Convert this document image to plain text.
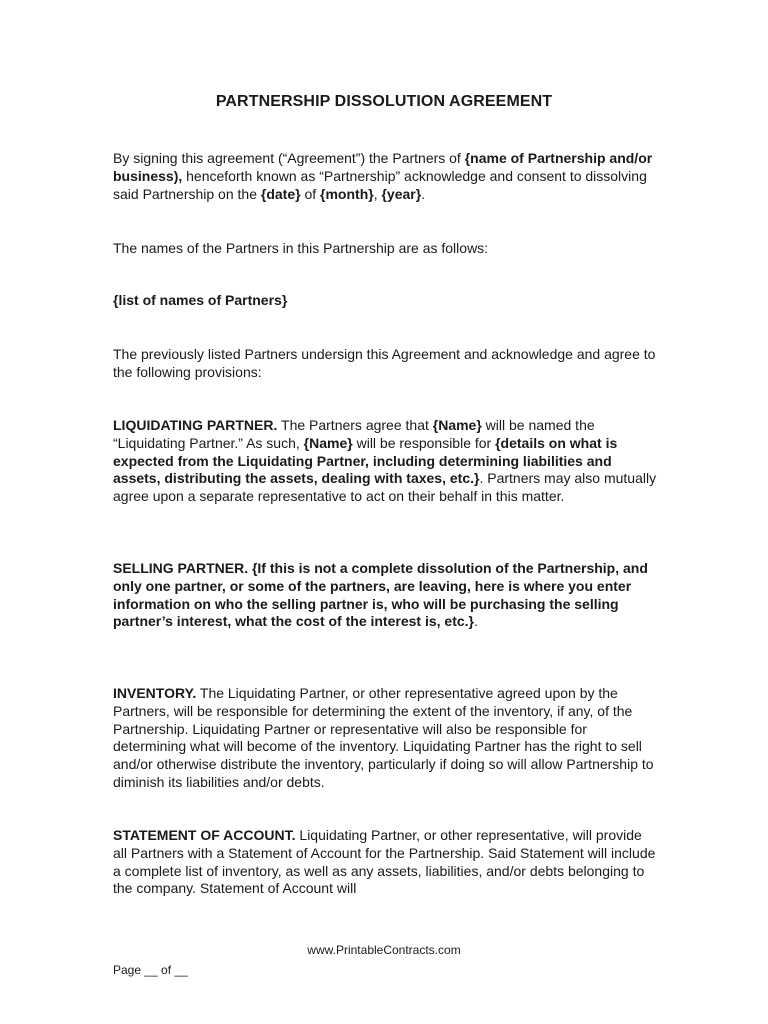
PARTNERSHIP DISSOLUTION AGREEMENT

By signing this agreement (“Agreement”) the Partners of {name of Partnership and/or business), henceforth known as “Partnership” acknowledge and consent to dissolving said Partnership on the {date} of {month}, {year}.

The names of the Partners in this Partnership are as follows:

{list of names of Partners}

The previously listed Partners undersign this Agreement and acknowledge and agree to the following provisions:

LIQUIDATING PARTNER. The Partners agree that {Name} will be named the “Liquidating Partner.” As such, {Name} will be responsible for {details on what is expected from the Liquidating Partner, including determining liabilities and assets, distributing the assets, dealing with taxes, etc.}. Partners may also mutually agree upon a separate representative to act on their behalf in this matter.

SELLING PARTNER. {If this is not a complete dissolution of the Partnership, and only one partner, or some of the partners, are leaving, here is where you enter information on who the selling partner is, who will be purchasing the selling partner’s interest, what the cost of the interest is, etc.}.

INVENTORY. The Liquidating Partner, or other representative agreed upon by the Partners, will be responsible for determining the extent of the inventory, if any, of the Partnership. Liquidating Partner or representative will also be responsible for determining what will become of the inventory. Liquidating Partner has the right to sell and/or otherwise distribute the inventory, particularly if doing so will allow Partnership to diminish its liabilities and/or debts.

STATEMENT OF ACCOUNT. Liquidating Partner, or other representative, will provide all Partners with a Statement of Account for the Partnership. Said Statement will include a complete list of inventory, as well as any assets, liabilities, and/or debts belonging to the company. Statement of Account will

www.PrintableContracts.com
Page __ of __
